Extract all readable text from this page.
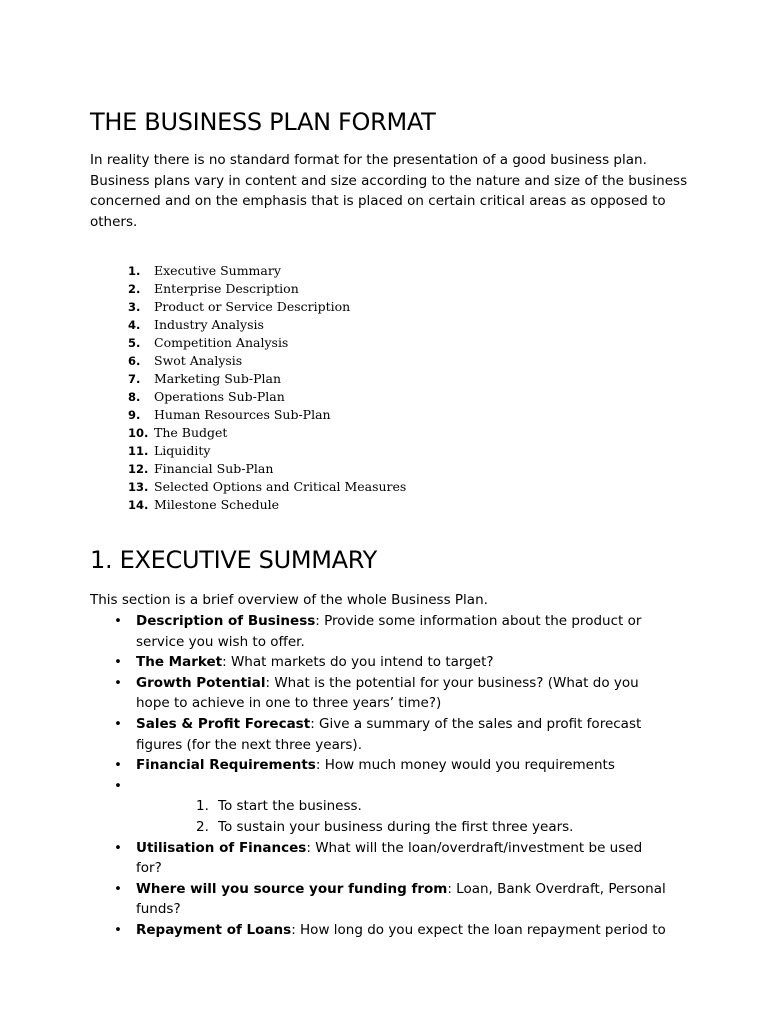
THE BUSINESS PLAN FORMAT

In reality there is no standard format for the presentation of a good business plan. Business plans vary in content and size according to the nature and size of the business concerned and on the emphasis that is placed on certain critical areas as opposed to others.

1. Executive Summary
2. Enterprise Description
3. Product or Service Description
4. Industry Analysis
5. Competition Analysis
6. Swot Analysis
7. Marketing Sub-Plan
8. Operations Sub-Plan
9. Human Resources Sub-Plan
10. The Budget
11. Liquidity
12. Financial Sub-Plan
13. Selected Options and Critical Measures
14. Milestone Schedule
1. EXECUTIVE SUMMARY

This section is a brief overview of the whole Business Plan.

• Description of Business: Provide some information about the product or service you wish to offer.
• The Market: What markets do you intend to target?
• Growth Potential: What is the potential for your business? (What do you hope to achieve in one to three years’ time?)
• Sales & Profit Forecast: Give a summary of the sales and profit forecast figures (for the next three years).
• Financial Requirements: How much money would you requirements
•
1. To start the business.
2. To sustain your business during the first three years.
• Utilisation of Finances: What will the loan/overdraft/investment be used for?
• Where will you source your funding from: Loan, Bank Overdraft, Personal funds?
• Repayment of Loans: How long do you expect the loan repayment period to
